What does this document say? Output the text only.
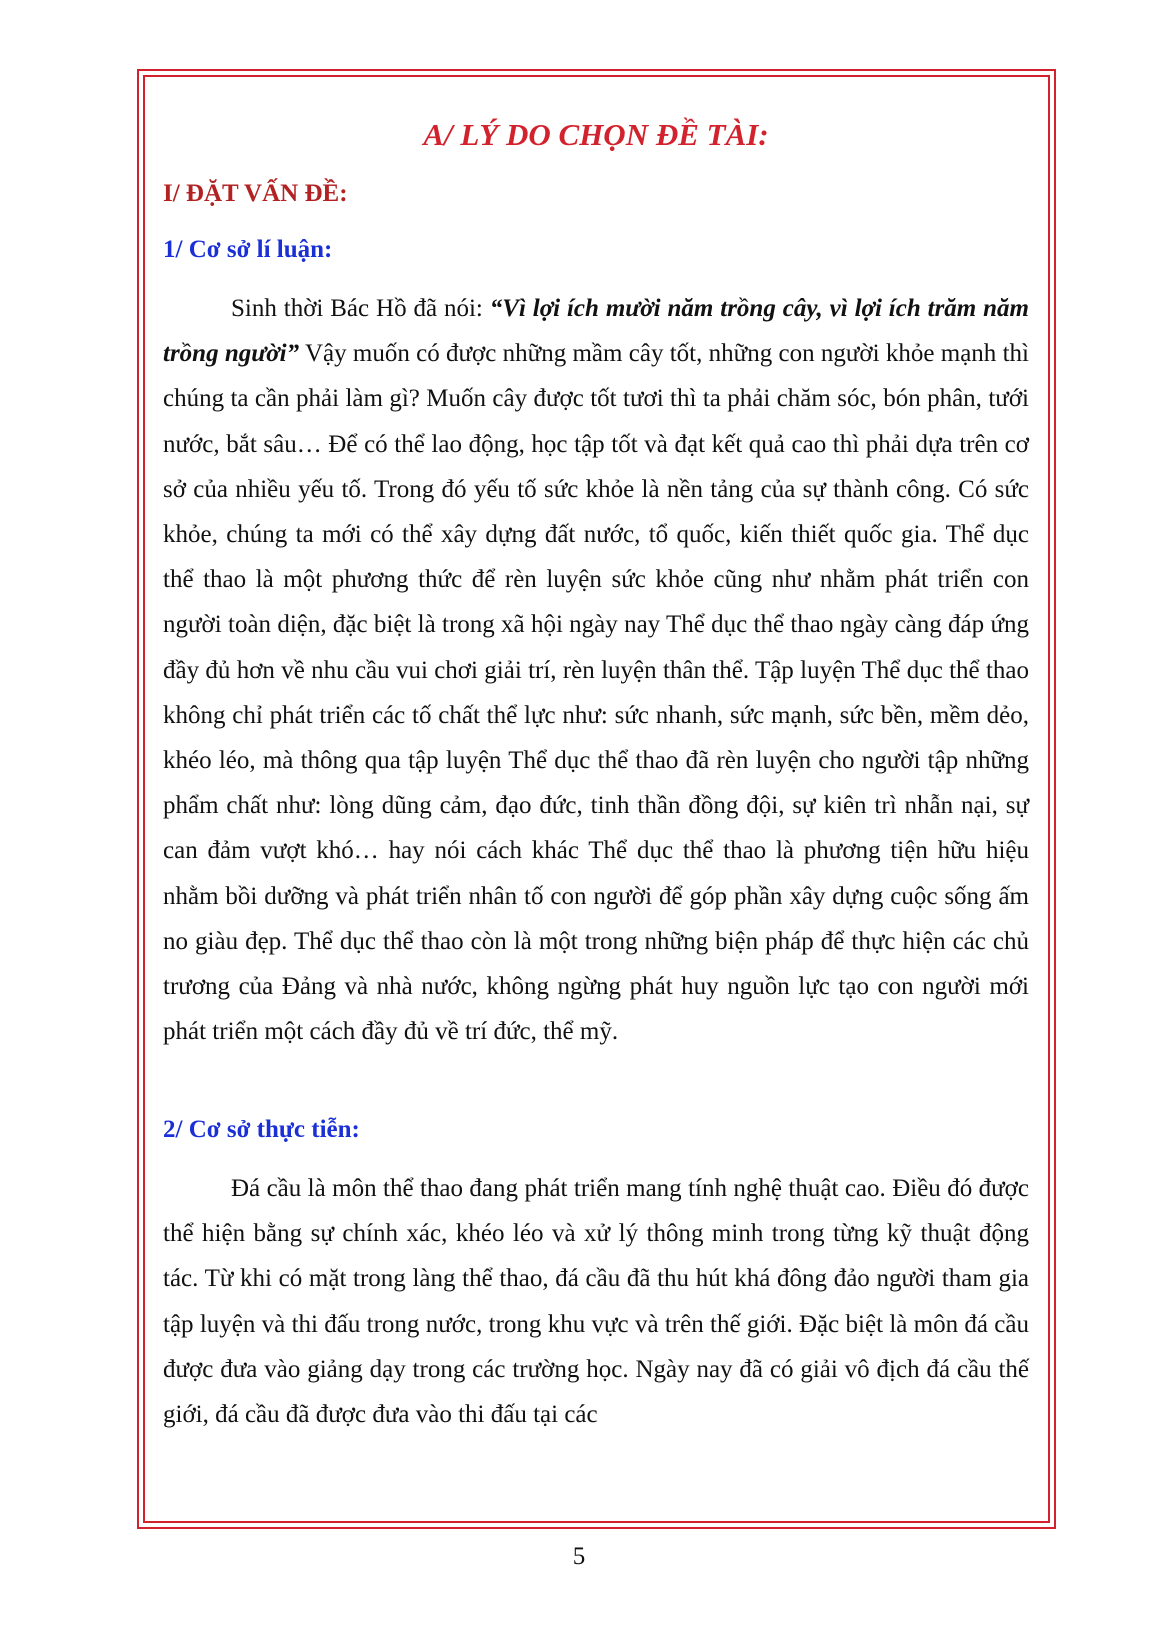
A/ LÝ DO CHỌN ĐỀ TÀI:
I/ ĐẶT VẤN ĐỀ:
1/ Cơ sở lí luận:

Sinh thời Bác Hồ đã nói: “Vì lợi ích mười năm trồng cây, vì lợi ích trăm năm trồng người” Vậy muốn có được những mầm cây tốt, những con người khỏe mạnh thì chúng ta cần phải làm gì? Muốn cây được tốt tươi thì ta phải chăm sóc, bón phân, tưới nước, bắt sâu… Để có thể lao động, học tập tốt và đạt kết quả cao thì phải dựa trên cơ sở của nhiều yếu tố. Trong đó yếu tố sức khỏe là nền tảng của sự thành công. Có sức khỏe, chúng ta mới có thể xây dựng đất nước, tổ quốc, kiến thiết quốc gia. Thể dục thể thao là một phương thức để rèn luyện sức khỏe cũng như nhằm phát triển con người toàn diện, đặc biệt là trong xã hội ngày nay Thể dục thể thao ngày càng đáp ứng đầy đủ hơn về nhu cầu vui chơi giải trí, rèn luyện thân thể. Tập luyện Thể dục thể thao không chỉ phát triển các tố chất thể lực như: sức nhanh, sức mạnh, sức bền, mềm dẻo, khéo léo, mà thông qua tập luyện Thể dục thể thao đã rèn luyện cho người tập những phẩm chất như: lòng dũng cảm, đạo đức, tinh thần đồng đội, sự kiên trì nhẫn nại, sự can đảm vượt khó… hay nói cách khác Thể dục thể thao là phương tiện hữu hiệu nhằm bồi dưỡng và phát triển nhân tố con người để góp phần xây dựng cuộc sống ấm no giàu đẹp. Thể dục thể thao còn là một trong những biện pháp để thực hiện các chủ trương của Đảng và nhà nước, không ngừng phát huy nguồn lực tạo con người mới phát triển một cách đầy đủ về trí đức, thể mỹ.

2/ Cơ sở thực tiễn:

Đá cầu là môn thể thao đang phát triển mang tính nghệ thuật cao. Điều đó được thể hiện bằng sự chính xác, khéo léo và xử lý thông minh trong từng kỹ thuật động tác. Từ khi có mặt trong làng thể thao, đá cầu đã thu hút khá đông đảo người tham gia tập luyện và thi đấu trong nước, trong khu vực và trên thế giới. Đặc biệt là môn đá cầu được đưa vào giảng dạy trong các trường học. Ngày nay đã có giải vô địch đá cầu thế giới, đá cầu đã được đưa vào thi đấu tại các

5
